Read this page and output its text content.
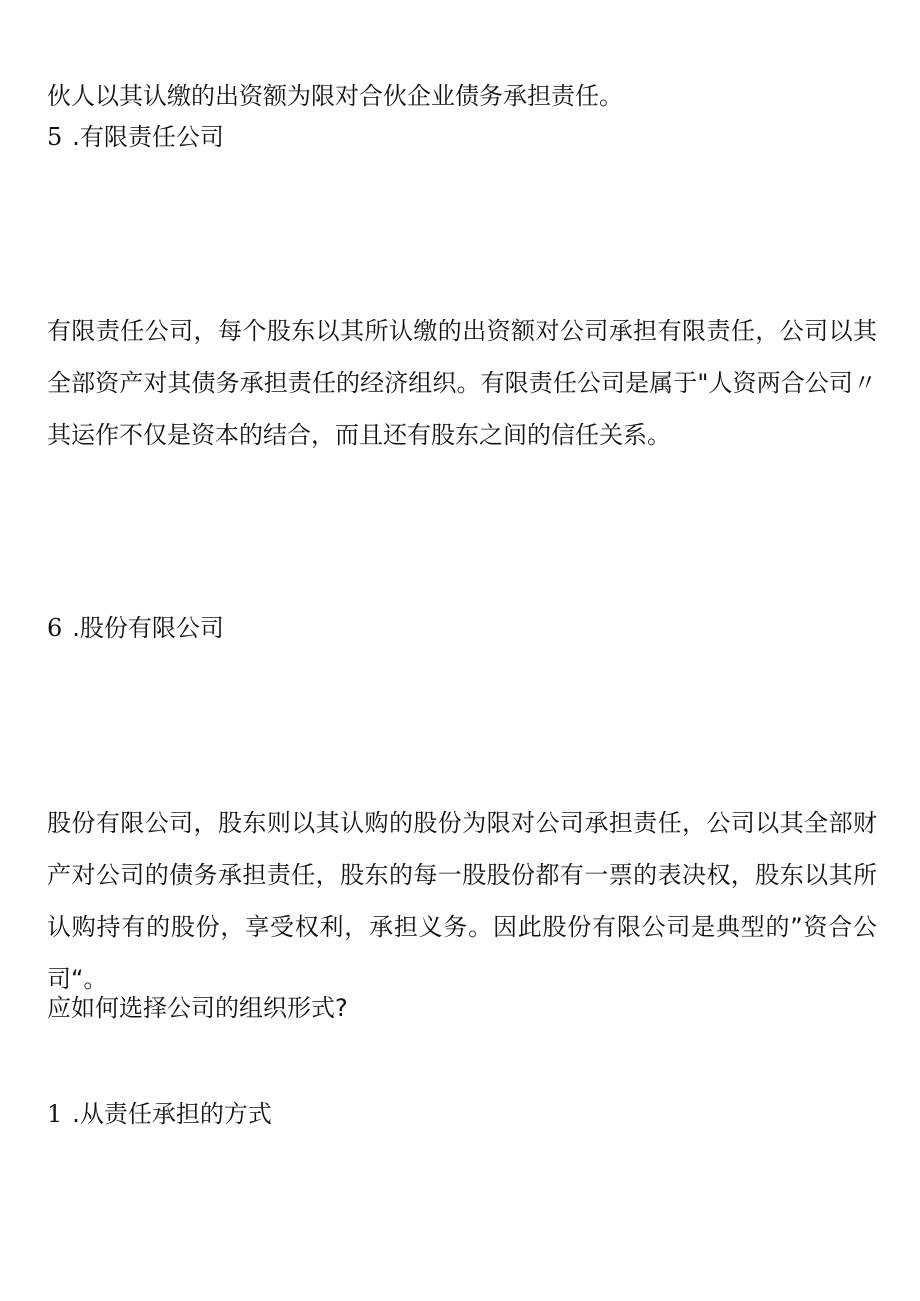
伙人以其认缴的出资额为限对合伙企业债务承担责任。
5 .有限责任公司
有限责任公司，每个股东以其所认缴的出资额对公司承担有限责任，公司以其全部资产对其债务承担责任的经济组织。有限责任公司是属于"人资两合公司〃其运作不仅是资本的结合，而且还有股东之间的信任关系。
6 .股份有限公司
股份有限公司，股东则以其认购的股份为限对公司承担责任，公司以其全部财产对公司的债务承担责任，股东的每一股股份都有一票的表决权，股东以其所认购持有的股份，享受权利，承担义务。因此股份有限公司是典型的”资合公司“。
应如何选择公司的组织形式?
1 .从责任承担的方式
